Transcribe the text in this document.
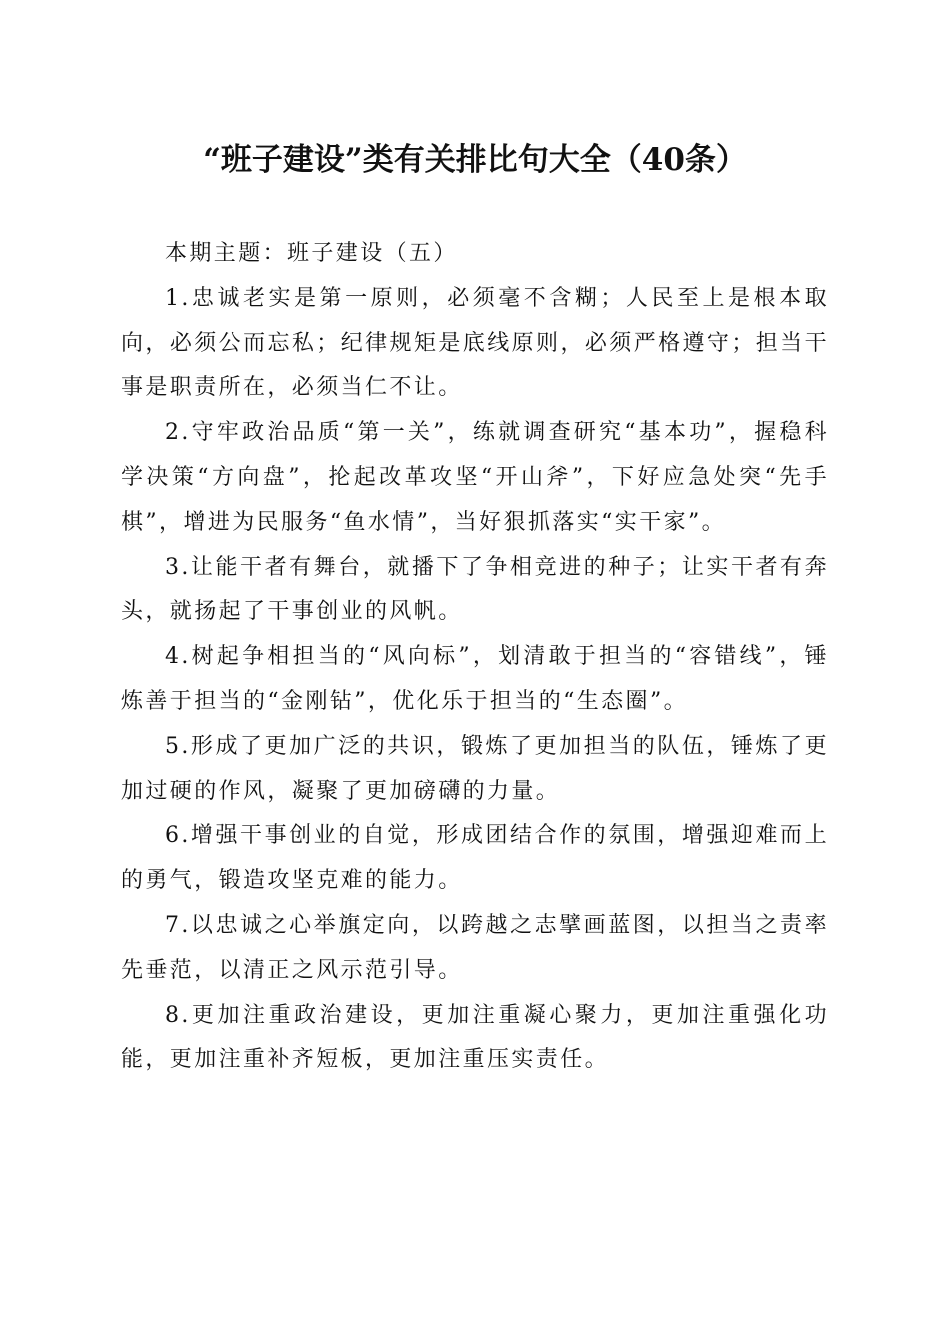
“班子建设”类有关排比句大全（40条）

本期主题：班子建设（五）

1.忠诚老实是第一原则，必须毫不含糊；人民至上是根本取向，必须公而忘私；纪律规矩是底线原则，必须严格遵守；担当干事是职责所在，必须当仁不让。

2.守牢政治品质“第一关”，练就调查研究“基本功”，握稳科学决策“方向盘”，抡起改革攻坚“开山斧”，下好应急处突“先手棋”，增进为民服务“鱼水情”，当好狠抓落实“实干家”。

3.让能干者有舞台，就播下了争相竞进的种子；让实干者有奔头，就扬起了干事创业的风帆。

4.树起争相担当的“风向标”，划清敢于担当的“容错线”，锤炼善于担当的“金刚钻”，优化乐于担当的“生态圈”。

5.形成了更加广泛的共识，锻炼了更加担当的队伍，锤炼了更加过硬的作风，凝聚了更加磅礴的力量。

6.增强干事创业的自觉，形成团结合作的氛围，增强迎难而上的勇气，锻造攻坚克难的能力。

7.以忠诚之心举旗定向，以跨越之志擘画蓝图，以担当之责率先垂范，以清正之风示范引导。

8.更加注重政治建设，更加注重凝心聚力，更加注重强化功能，更加注重补齐短板，更加注重压实责任。
